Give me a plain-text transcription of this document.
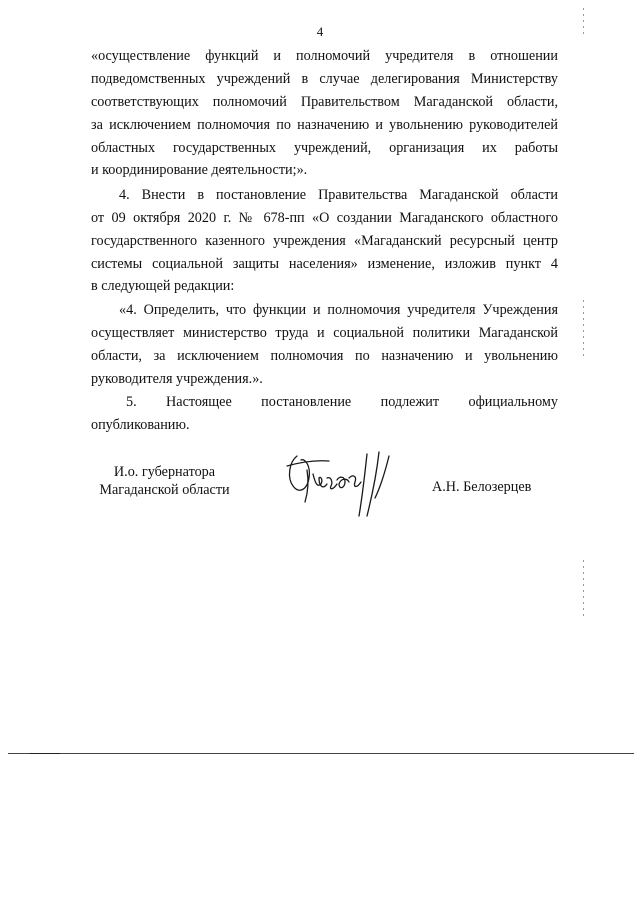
4
«осуществление функций и полномочий учредителя в отношении
подведомственных учреждений в случае делегирования Министерству
соответствующих полномочий Правительством Магаданской области,
за исключением полномочия по назначению и увольнению руководителей
областных государственных учреждений, организация их работы
и координирование деятельности;».
4. Внести в постановление Правительства Магаданской области
от 09 октября 2020 г. № 678-пп «О создании Магаданского областного
государственного казенного учреждения «Магаданский ресурсный центр
системы социальной защиты населения» изменение, изложив пункт 4
в следующей редакции:
«4. Определить, что функции и полномочия учредителя Учреждения
осуществляет министерство труда и социальной политики Магаданской
области, за исключением полномочия по назначению и увольнению
руководителя учреждения.».
5. Настоящее постановление подлежит официальному
опубликованию.
И.о. губернатора
Магаданской области	А.Н. Белозерцев
